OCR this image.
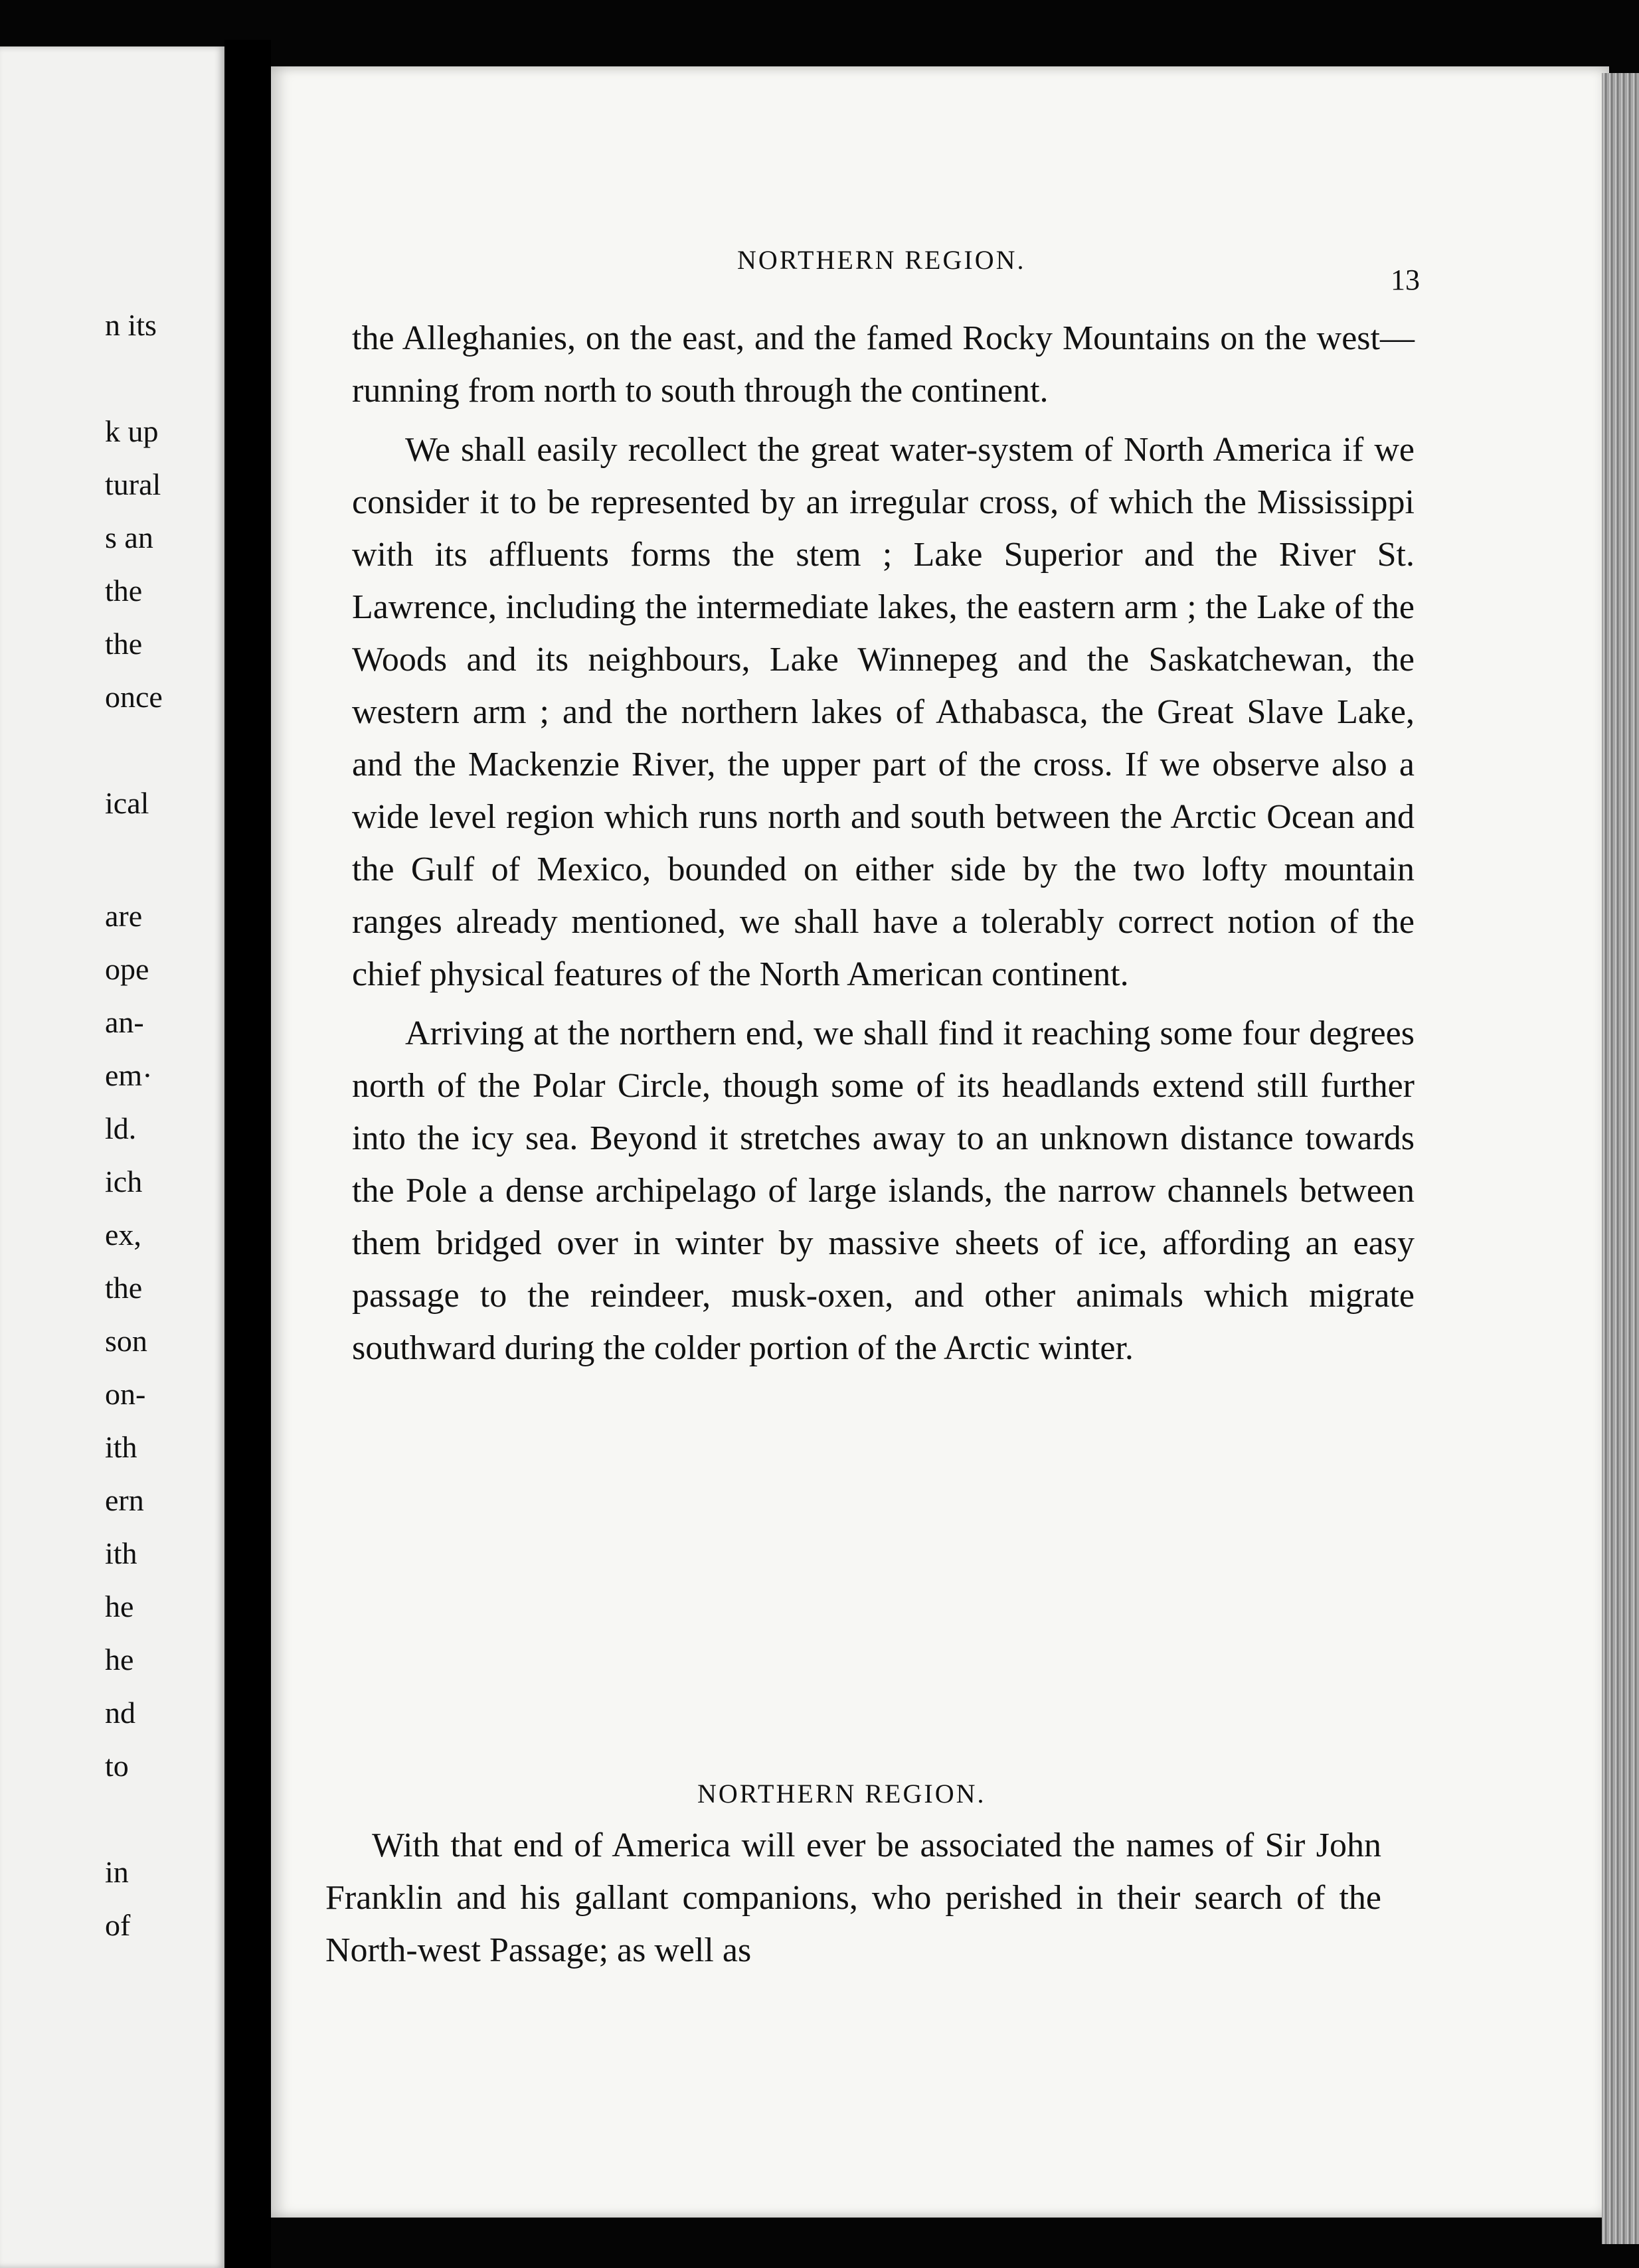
n its
k up
tural
s an
the
the
once
ical
are
ope
an-
em·
ld.
ich
ex,
the
son
on-
ith
ern
ith
he
he
nd
to
in
of
NORTHERN REGION.
13

the Alleghanies, on the east, and the famed Rocky Mountains on the west—running from north to south through the continent.

We shall easily recollect the great water-system of North America if we consider it to be represented by an irregular cross, of which the Mississippi with its affluents forms the stem ; Lake Superior and the River St. Lawrence, including the intermediate lakes, the eastern arm ; the Lake of the Woods and its neighbours, Lake Winnepeg and the Saskatchewan, the western arm ; and the northern lakes of Athabasca, the Great Slave Lake, and the Mackenzie River, the upper part of the cross. If we observe also a wide level region which runs north and south between the Arctic Ocean and the Gulf of Mexico, bounded on either side by the two lofty mountain ranges already mentioned, we shall have a tolerably correct notion of the chief physical features of the North American continent.

Arriving at the northern end, we shall find it reaching some four degrees north of the Polar Circle, though some of its headlands extend still further into the icy sea. Beyond it stretches away to an unknown distance towards the Pole a dense archipelago of large islands, the narrow channels between them bridged over in winter by massive sheets of ice, affording an easy passage to the reindeer, musk-oxen, and other animals which migrate southward during the colder portion of the Arctic winter.

NORTHERN REGION.

With that end of America will ever be associated the names of Sir John Franklin and his gallant companions, who perished in their search of the North-west Passage; as well as
